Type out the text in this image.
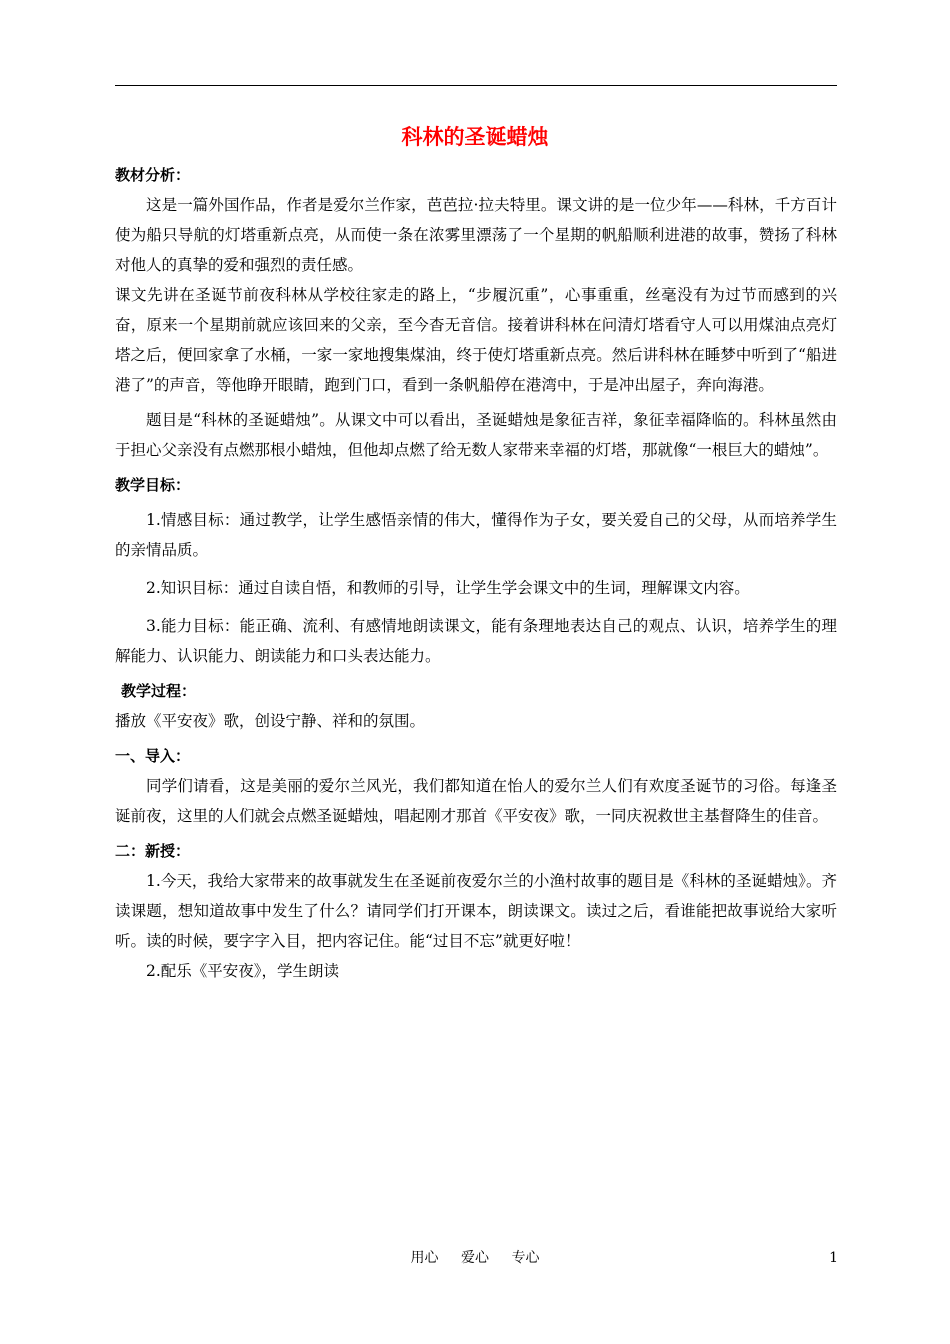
科林的圣诞蜡烛
教材分析：

这是一篇外国作品，作者是爱尔兰作家，芭芭拉·拉夫特里。课文讲的是一位少年——科林，千方百计使为船只导航的灯塔重新点亮，从而使一条在浓雾里漂荡了一个星期的帆船顺利进港的故事，赞扬了科林对他人的真挚的爱和强烈的责任感。

课文先讲在圣诞节前夜科林从学校往家走的路上，“步履沉重”，心事重重，丝毫没有为过节而感到的兴奋，原来一个星期前就应该回来的父亲，至今杳无音信。接着讲科林在问清灯塔看守人可以用煤油点亮灯塔之后，便回家拿了水桶，一家一家地搜集煤油，终于使灯塔重新点亮。然后讲科林在睡梦中听到了“船进港了”的声音，等他睁开眼睛，跑到门口，看到一条帆船停在港湾中，于是冲出屋子，奔向海港。

题目是“科林的圣诞蜡烛”。从课文中可以看出，圣诞蜡烛是象征吉祥，象征幸福降临的。科林虽然由于担心父亲没有点燃那根小蜡烛，但他却点燃了给无数人家带来幸福的灯塔，那就像“一根巨大的蜡烛”。

教学目标：

1.情感目标：通过教学，让学生感悟亲情的伟大，懂得作为子女，要关爱自己的父母，从而培养学生的亲情品质。

2.知识目标：通过自读自悟，和教师的引导，让学生学会课文中的生词，理解课文内容。

3.能力目标：能正确、流利、有感情地朗读课文，能有条理地表达自己的观点、认识，培养学生的理解能力、认识能力、朗读能力和口头表达能力。

教学过程：

播放《平安夜》歌，创设宁静、祥和的氛围。

一、导入：

同学们请看，这是美丽的爱尔兰风光，我们都知道在怡人的爱尔兰人们有欢度圣诞节的习俗。每逢圣诞前夜，这里的人们就会点燃圣诞蜡烛，唱起刚才那首《平安夜》歌，一同庆祝救世主基督降生的佳音。

二：新授：

1.今天，我给大家带来的故事就发生在圣诞前夜爱尔兰的小渔村故事的题目是《科林的圣诞蜡烛》。齐读课题，想知道故事中发生了什么？请同学们打开课本，朗读课文。读过之后，看谁能把故事说给大家听听。读的时候，要字字入目，把内容记住。能“过目不忘”就更好啦！

2.配乐《平安夜》，学生朗读

用心 爱心 专心	1
